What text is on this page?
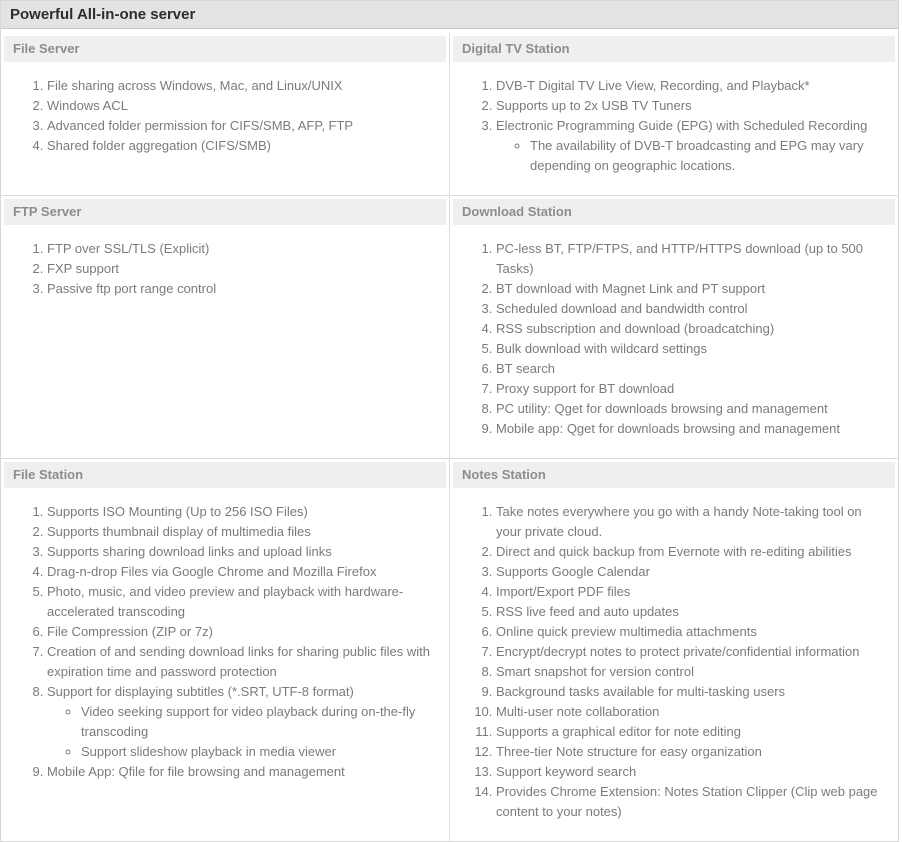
Powerful All-in-one server
File Server
1. File sharing across Windows, Mac, and Linux/UNIX
2. Windows ACL
3. Advanced folder permission for CIFS/SMB, AFP, FTP
4. Shared folder aggregation (CIFS/SMB)

Digital TV Station
1. DVB-T Digital TV Live View, Recording, and Playback*
2. Supports up to 2x USB TV Tuners
3. Electronic Programming Guide (EPG) with Scheduled Recording
◦ The availability of DVB-T broadcasting and EPG may vary depending on geographic locations.

FTP Server
1. FTP over SSL/TLS (Explicit)
2. FXP support
3. Passive ftp port range control

Download Station
1. PC-less BT, FTP/FTPS, and HTTP/HTTPS download (up to 500 Tasks)
2. BT download with Magnet Link and PT support
3. Scheduled download and bandwidth control
4. RSS subscription and download (broadcatching)
5. Bulk download with wildcard settings
6. BT search
7. Proxy support for BT download
8. PC utility: Qget for downloads browsing and management
9. Mobile app: Qget for downloads browsing and management

File Station
1. Supports ISO Mounting (Up to 256 ISO Files)
2. Supports thumbnail display of multimedia files
3. Supports sharing download links and upload links
4. Drag-n-drop Files via Google Chrome and Mozilla Firefox
5. Photo, music, and video preview and playback with hardware-accelerated transcoding
6. File Compression (ZIP or 7z)
7. Creation of and sending download links for sharing public files with expiration time and password protection
8. Support for displaying subtitles (*.SRT, UTF-8 format)
◦ Video seeking support for video playback during on-the-fly transcoding
◦ Support slideshow playback in media viewer
9. Mobile App: Qfile for file browsing and management

Notes Station
1. Take notes everywhere you go with a handy Note-taking tool on your private cloud.
2. Direct and quick backup from Evernote with re-editing abilities
3. Supports Google Calendar
4. Import/Export PDF files
5. RSS live feed and auto updates
6. Online quick preview multimedia attachments
7. Encrypt/decrypt notes to protect private/confidential information
8. Smart snapshot for version control
9. Background tasks available for multi-tasking users
10. Multi-user note collaboration
11. Supports a graphical editor for note editing
12. Three-tier Note structure for easy organization
13. Support keyword search
14. Provides Chrome Extension: Notes Station Clipper (Clip web page content to your notes)
